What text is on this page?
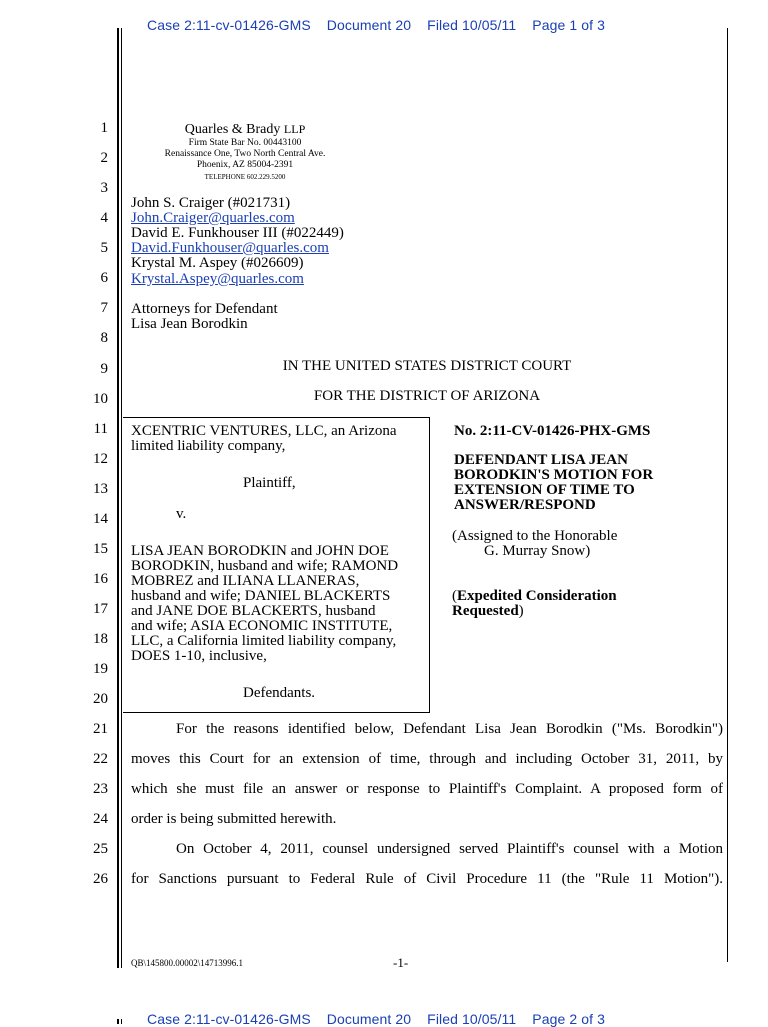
Case 2:11-cv-01426-GMS Document 20 Filed 10/05/11 Page 1 of 3
1
2
3
4
5
6
7
8
9
10
11
12
13
14
15
16
17
18
19
20
21
22
23
24
25
26
Quarles & Brady LLP
Firm State Bar No. 00443100
Renaissance One, Two North Central Ave.
Phoenix, AZ 85004-2391
TELEPHONE 602.229.5200
John S. Craiger (#021731)
John.Craiger@quarles.com
David E. Funkhouser III (#022449)
David.Funkhouser@quarles.com
Krystal M. Aspey (#026609)
Krystal.Aspey@quarles.com
Attorneys for Defendant
Lisa Jean Borodkin
IN THE UNITED STATES DISTRICT COURT
FOR THE DISTRICT OF ARIZONA
XCENTRIC VENTURES, LLC, an Arizona
limited liability company,
Plaintiff,
v.
LISA JEAN BORODKIN and JOHN DOE
BORODKIN, husband and wife; RAMOND
MOBREZ and ILIANA LLANERAS,
husband and wife; DANIEL BLACKERTS
and JANE DOE BLACKERTS, husband
and wife; ASIA ECONOMIC INSTITUTE,
LLC, a California limited liability company,
DOES 1-10, inclusive,
Defendants.
No. 2:11-CV-01426-PHX-GMS
DEFENDANT LISA JEAN
BORODKIN'S MOTION FOR
EXTENSION OF TIME TO
ANSWER/RESPOND
(Assigned to the Honorable
G. Murray Snow)
(Expedited Consideration
Requested)
For the reasons identified below, Defendant Lisa Jean Borodkin ("Ms. Borodkin")
moves this Court for an extension of time, through and including October 31, 2011, by
which she must file an answer or response to Plaintiff's Complaint. A proposed form of
order is being submitted herewith.
On October 4, 2011, counsel undersigned served Plaintiff's counsel with a Motion
for Sanctions pursuant to Federal Rule of Civil Procedure 11 (the "Rule 11 Motion").
QB\145800.00002\14713996.1	-1-
Case 2:11-cv-01426-GMS Document 20 Filed 10/05/11 Page 2 of 3
